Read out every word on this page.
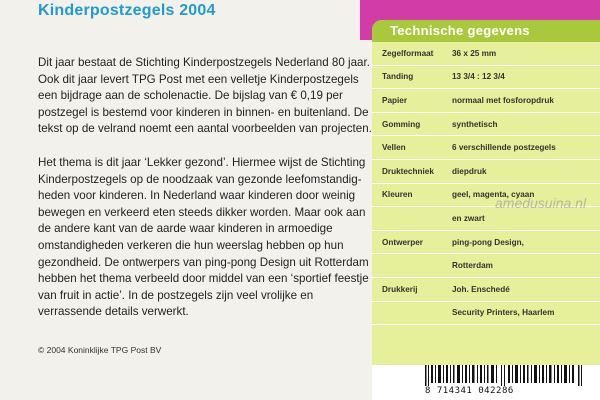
Kinderpostzegels 2004

Dit jaar bestaat de Stichting Kinderpostzegels Nederland 80 jaar. Ook dit jaar levert TPG Post met een velletje Kinderpostzegels een bijdrage aan de scholenactie. De bijslag van € 0,19 per postzegel is bestemd voor kinderen in binnen- en buitenland. De tekst op de velrand noemt een aantal voorbeelden van projecten.

Het thema is dit jaar ‘Lekker gezond’. Hiermee wijst de Stichting Kinderpostzegels op de noodzaak van gezonde leefomstandig-heden voor kinderen. In Nederland waar kinderen door weinig bewegen en verkeerd eten steeds dikker worden. Maar ook aan de andere kant van de aarde waar kinderen in armoedige omstandigheden verkeren die hun weerslag hebben op hun gezondheid. De ontwerpers van ping-pong Design uit Rotterdam hebben het thema verbeeld door middel van een ‘sportief feestje van fruit in actie’. In de postzegels zijn veel vrolijke en verrassende details verwerkt.

© 2004 Koninklijke TPG Post BV
Technische gegevens
Zegelformaat	36 x 25 mm
Tanding	13 3/4 : 12 3/4
Papier	normaal met fosforopdruk
Gomming	synthetisch
Vellen	6 verschillende postzegels
Druktechniek	diepdruk
Kleuren	geel, magenta, cyaan
en zwart
Ontwerper	ping-pong Design,
Rotterdam
Drukkerij	Joh. Enschedé
Security Printers, Haarlem
8 714341 042286
amedusuina.nl
